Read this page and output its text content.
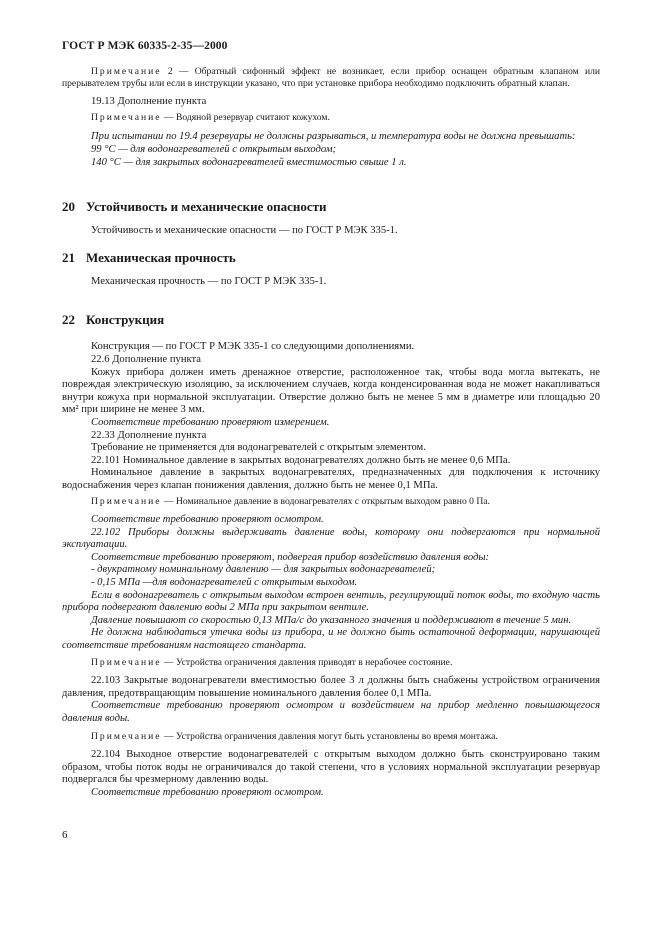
ГОСТ Р МЭК 60335-2-35—2000

Примечание 2 — Обратный сифонный эффект не возникает, если прибор оснащен обратным клапаном или прерывателем трубы или если в инструкции указано, что при установке прибора необходимо подключить обратный клапан.

19.13 Дополнение пункта

Примечание — Водяной резервуар считают кожухом.

При испытании по 19.4 резервуары не должны разрываться, и температура воды не должна превышать:

99 °С — для водонагревателей с открытым выходом;

140 °С — для закрытых водонагревателей вместимостью свыше 1 л.

20 Устойчивость и механические опасности

Устойчивость и механические опасности — по ГОСТ Р МЭК 335-1.

21 Механическая прочность

Механическая прочность — по ГОСТ Р МЭК 335-1.

22 Конструкция

Конструкция — по ГОСТ Р МЭК 335-1 со следующими дополнениями.

22.6 Дополнение пункта

Кожух прибора должен иметь дренажное отверстие, расположенное так, чтобы вода могла вытекать, не повреждая электрическую изоляцию, за исключением случаев, когда конденсированная вода не может накапливаться внутри кожуха при нормальной эксплуатации. Отверстие должно быть не менее 5 мм в диаметре или площадью 20 мм² при ширине не менее 3 мм.

Соответствие требованию проверяют измерением.

22.33 Дополнение пункта

Требование не применяется для водонагревателей с открытым элементом.

22.101 Номинальное давление в закрытых водонагревателях должно быть не менее 0,6 МПа.

Номинальное давление в закрытых водонагревателях, предназначенных для подключения к источнику водоснабжения через клапан понижения давления, должно быть не менее 0,1 МПа.

Примечание — Номинальное давление в водонагревателях с открытым выходом равно 0 Па.

Соответствие требованию проверяют осмотром.

22.102 Приборы должны выдерживать давление воды, которому они подвергаются при нормальной эксплуатации.

Соответствие требованию проверяют, подвергая прибор воздействию давления воды:

- двукратному номинальному давлению — для закрытых водонагревателей;

- 0,15 МПа —для водонагревателей с открытым выходом.

Если в водонагреватель с открытым выходом встроен вентиль, регулирующий поток воды, то входную часть прибора подвергают давлению воды 2 МПа при закрытом вентиле.

Давление повышают со скоростью 0,13 МПа/с до указанного значения и поддерживают в течение 5 мин.

Не должна наблюдаться утечка воды из прибора, и не должно быть остаточной деформации, нарушающей соответствие требованиям настоящего стандарта.

Примечание — Устройства ограничения давления приводят в нерабочее состояние.

22.103 Закрытые водонагреватели вместимостью более 3 л должны быть снабжены устройством ограничения давления, предотвращающим повышение номинального давления более 0,1 МПа.

Соответствие требованию проверяют осмотром и воздействием на прибор медленно повышающегося давления воды.

Примечание — Устройства ограничения давления могут быть установлены во время монтажа.

22.104 Выходное отверстие водонагревателей с открытым выходом должно быть сконструировано таким образом, чтобы поток воды не ограничивался до такой степени, что в условиях нормальной эксплуатации резервуар подвергался бы чрезмерному давлению воды.

Соответствие требованию проверяют осмотром.

6
